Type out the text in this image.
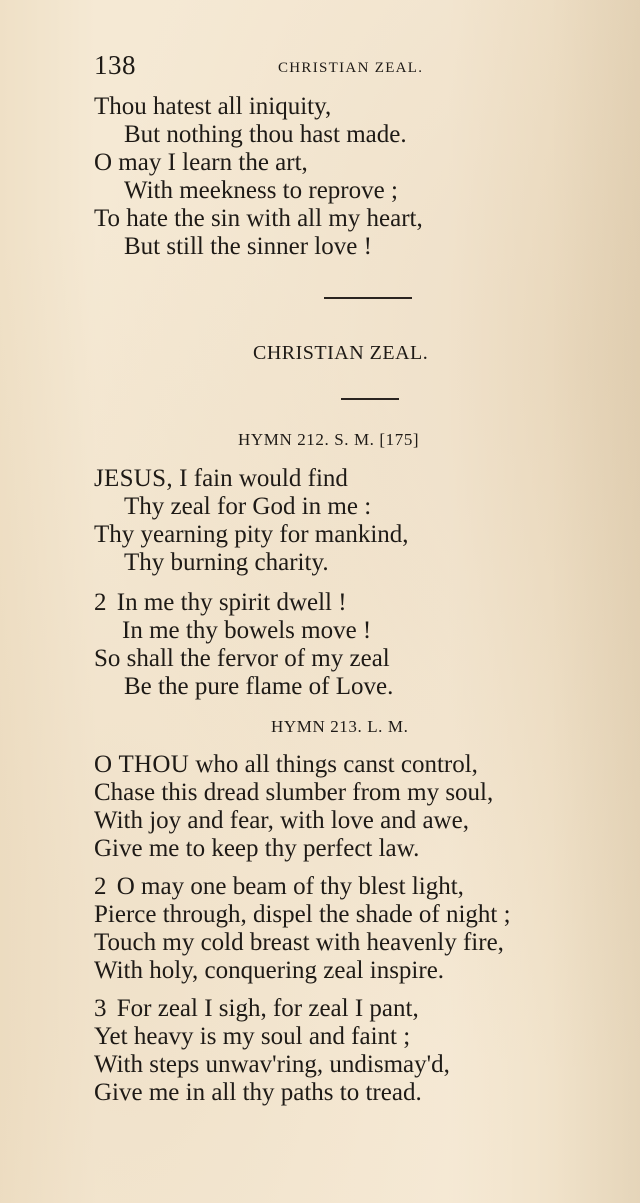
138	CHRISTIAN ZEAL.
Thou hatest all iniquity,
But nothing thou hast made.
O may I learn the art,
With meekness to reprove ;
To hate the sin with all my heart,
But still the sinner love !
CHRISTIAN ZEAL.
HYMN 212. S. M. [175]
JESUS, I fain would find
Thy zeal for God in me :
Thy yearning pity for mankind,
Thy burning charity.
2 In me thy spirit dwell !
In me thy bowels move !
So shall the fervor of my zeal
Be the pure flame of Love.
HYMN 213. L. M.
O THOU who all things canst control,
Chase this dread slumber from my soul,
With joy and fear, with love and awe,
Give me to keep thy perfect law.
2 O may one beam of thy blest light,
Pierce through, dispel the shade of night ;
Touch my cold breast with heavenly fire,
With holy, conquering zeal inspire.
3 For zeal I sigh, for zeal I pant,
Yet heavy is my soul and faint ;
With steps unwav'ring, undismay'd,
Give me in all thy paths to tread.
